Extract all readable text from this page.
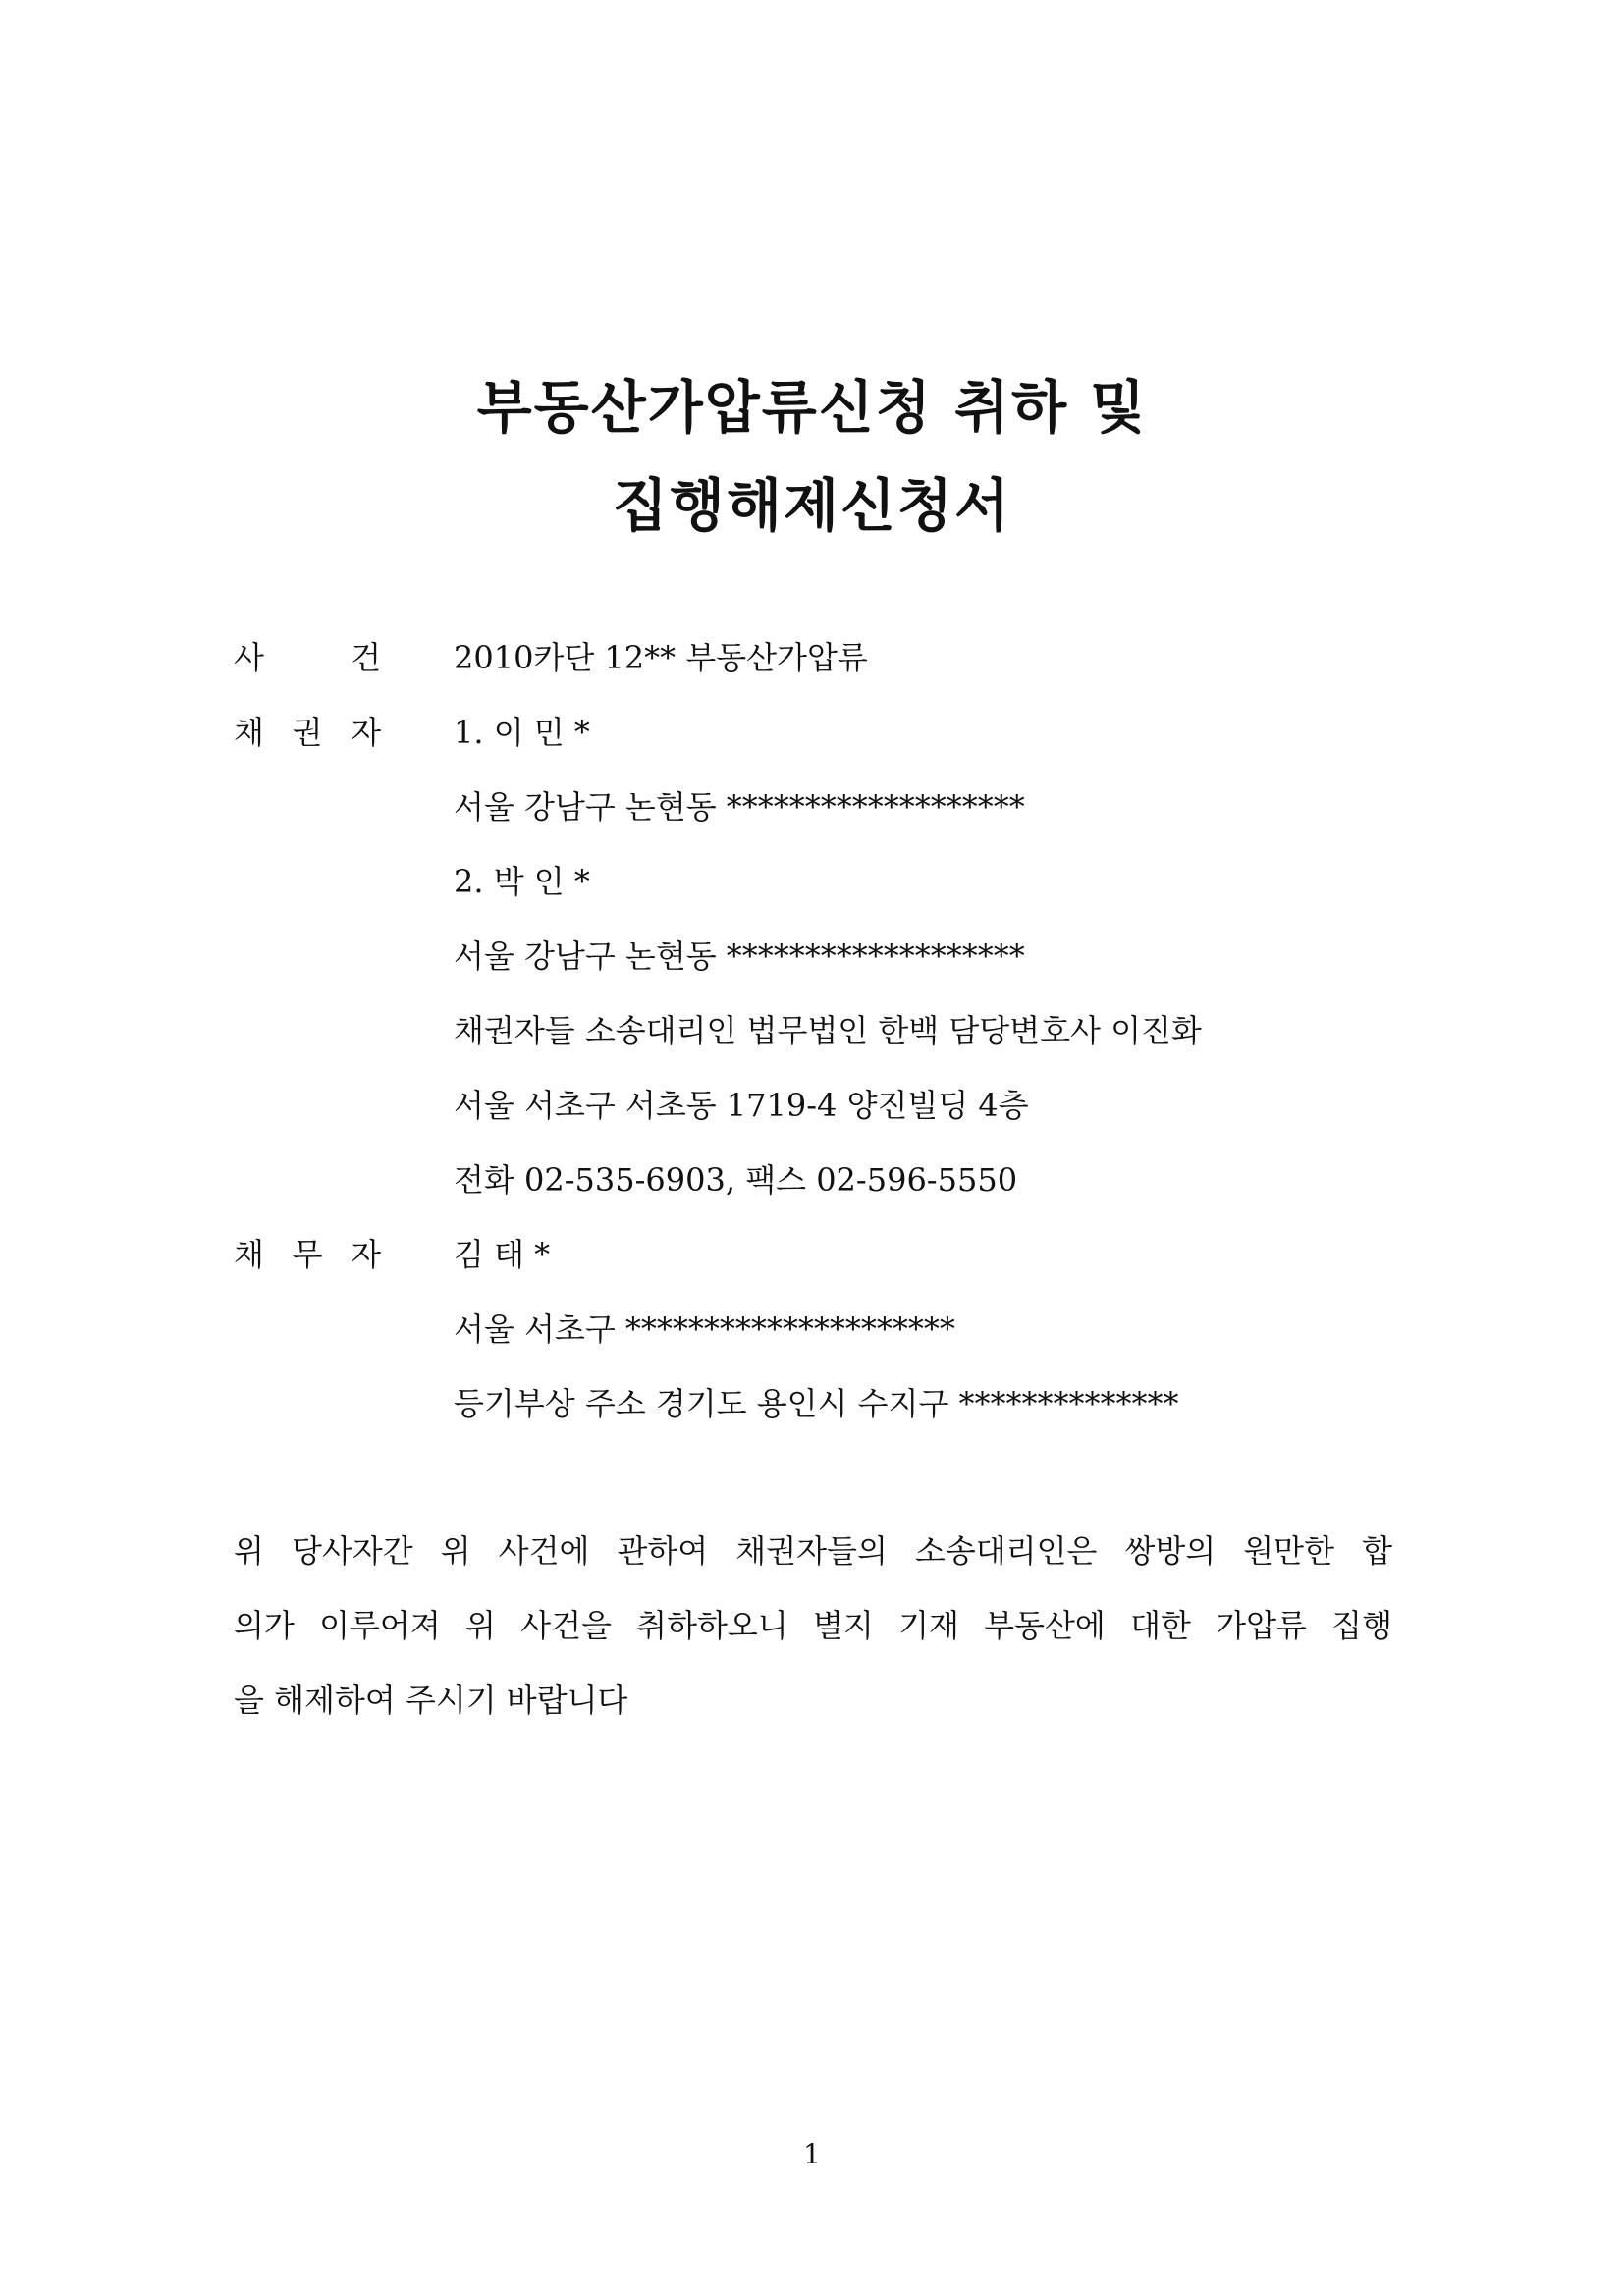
부동산가압류신청 취하 및
집행해제신청서
사	건 2010카단 12** 부동산가압류
채 권 자 1. 이 민 *
서울 강남구 논현동 *******************
2. 박 인 *
서울 강남구 논현동 *******************
채권자들 소송대리인 법무법인 한백 담당변호사 이진화
서울 서초구 서초동 1719-4 양진빌딩 4층
전화 02-535-6903, 팩스 02-596-5550
채 무 자 김 태 *
서울 서초구 *********************
등기부상 주소 경기도 용인시 수지구 **************
위 당사자간 위 사건에 관하여 채권자들의 소송대리인은 쌍방의 원만한 합
의가 이루어져 위 사건을 취하하오니 별지 기재 부동산에 대한 가압류 집행
을 해제하여 주시기 바랍니다
1
